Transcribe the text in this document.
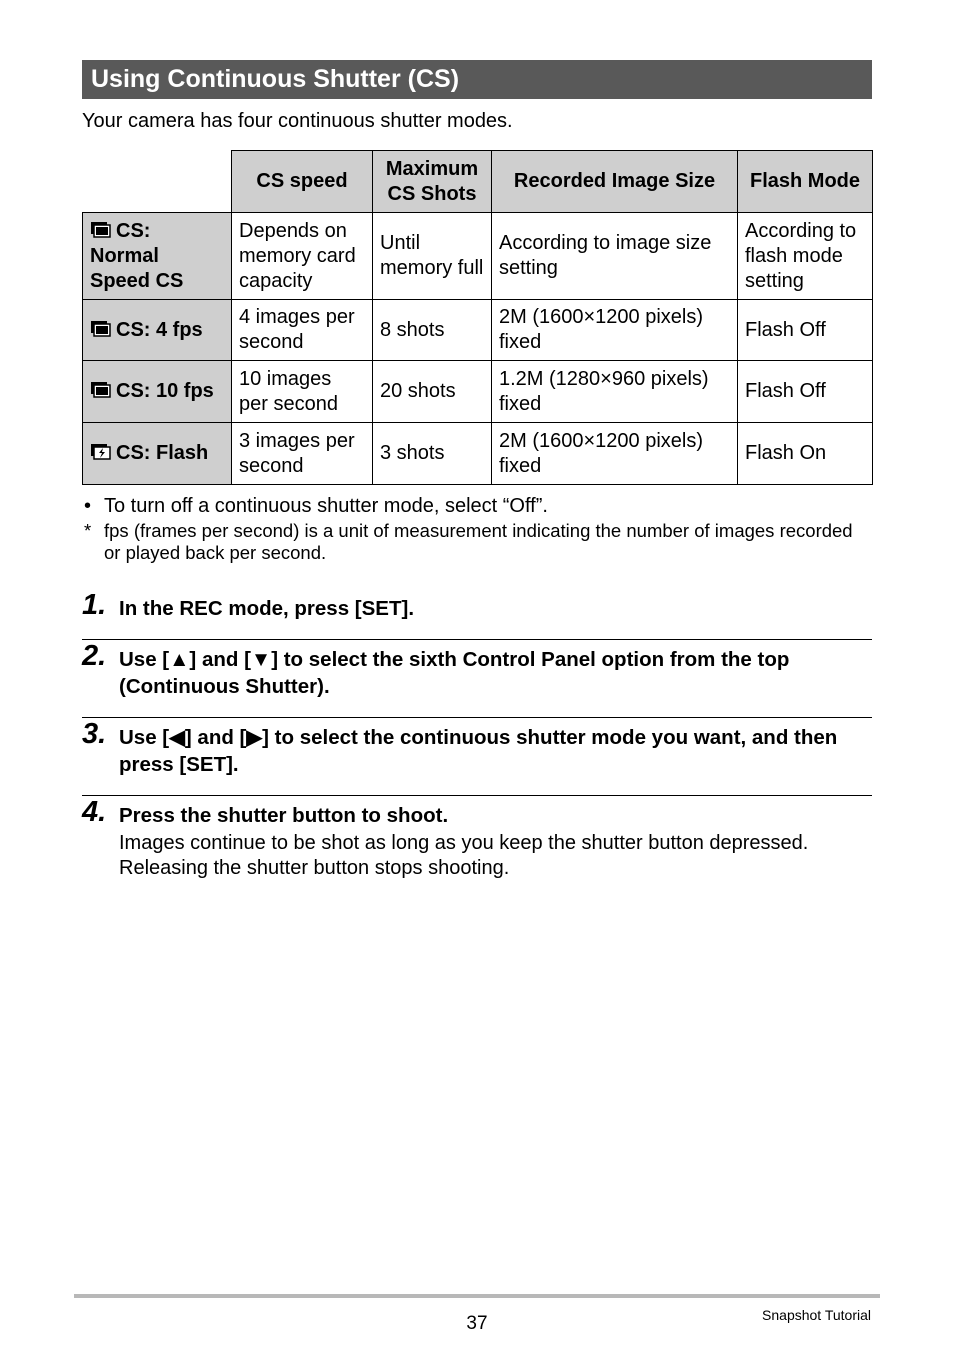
Using Continuous Shutter (CS)
Your camera has four continuous shutter modes.
	CS speed	Maximum CS Shots	Recorded Image Size	Flash Mode
CS: Normal Speed CS	Depends on memory card capacity	Until memory full	According to image size setting	According to flash mode setting
CS: 4 fps	4 images per second	8 shots	2M (1600×1200 pixels) fixed	Flash Off
CS: 10 fps	10 images per second	20 shots	1.2M (1280×960 pixels) fixed	Flash Off
CS: Flash	3 images per second	3 shots	2M (1600×1200 pixels) fixed	Flash On
• To turn off a continuous shutter mode, select “Off”.
* fps (frames per second) is a unit of measurement indicating the number of images recorded or played back per second.
1. In the REC mode, press [SET].
2. Use [▲] and [▼] to select the sixth Control Panel option from the top (Continuous Shutter).
3. Use [◀] and [▶] to select the continuous shutter mode you want, and then press [SET].
4. Press the shutter button to shoot.
Images continue to be shot as long as you keep the shutter button depressed. Releasing the shutter button stops shooting.
37	Snapshot Tutorial
